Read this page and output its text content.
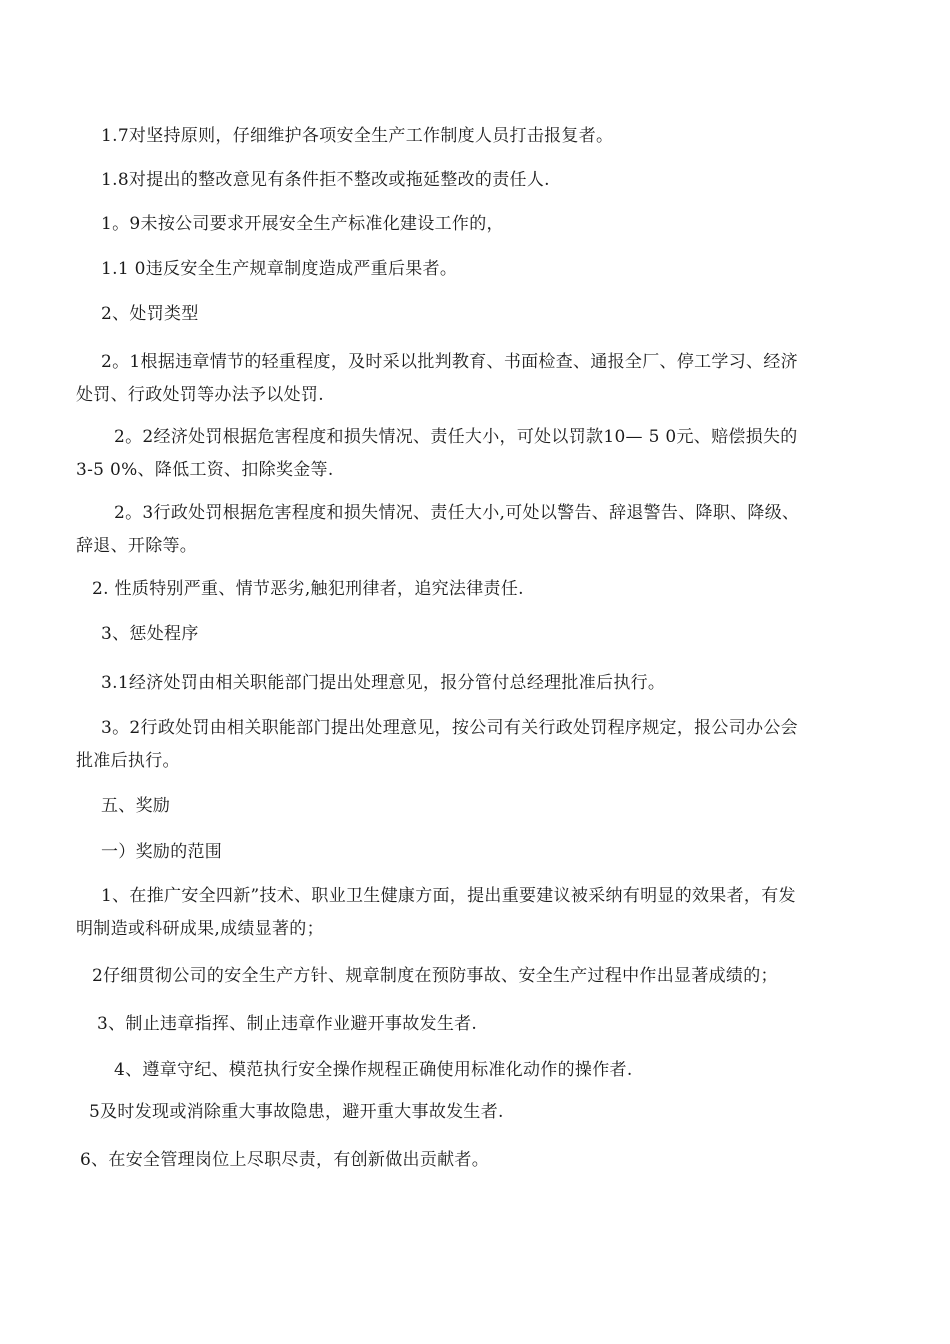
1.7对坚持原则，仔细维护各项安全生产工作制度人员打击报复者。
1.8对提出的整改意见有条件拒不整改或拖延整改的责任人.
1。9未按公司要求开展安全生产标准化建设工作的，
1.1 0违反安全生产规章制度造成严重后果者。
2、处罚类型
2。1根据违章情节的轻重程度，及时采以批判教育、书面检查、通报全厂、停工学习、经济
处罚、行政处罚等办法予以处罚.
2。2经济处罚根据危害程度和损失情况、责任大小，可处以罚款10— 5 0元、赔偿损失的
3-5 0%、降低工资、扣除奖金等.
2。3行政处罚根据危害程度和损失情况、责任大小,可处以警告、辞退警告、降职、降级、
辞退、开除等。
2. 性质特别严重、情节恶劣,触犯刑律者，追究法律责任.
3、惩处程序
3.1经济处罚由相关职能部门提出处理意见，报分管付总经理批准后执行。
3。2行政处罚由相关职能部门提出处理意见，按公司有关行政处罚程序规定，报公司办公会
批准后执行。
五、奖励
一）奖励的范围
1、在推广安全四新”技术、职业卫生健康方面，提出重要建议被采纳有明显的效果者，有发
明制造或科研成果,成绩显著的；
2仔细贯彻公司的安全生产方针、规章制度在预防事故、安全生产过程中作出显著成绩的；
3、制止违章指挥、制止违章作业避开事故发生者.
4、遵章守纪、模范执行安全操作规程正确使用标准化动作的操作者.
5及时发现或消除重大事故隐患，避开重大事故发生者.
6、在安全管理岗位上尽职尽责，有创新做出贡献者。
